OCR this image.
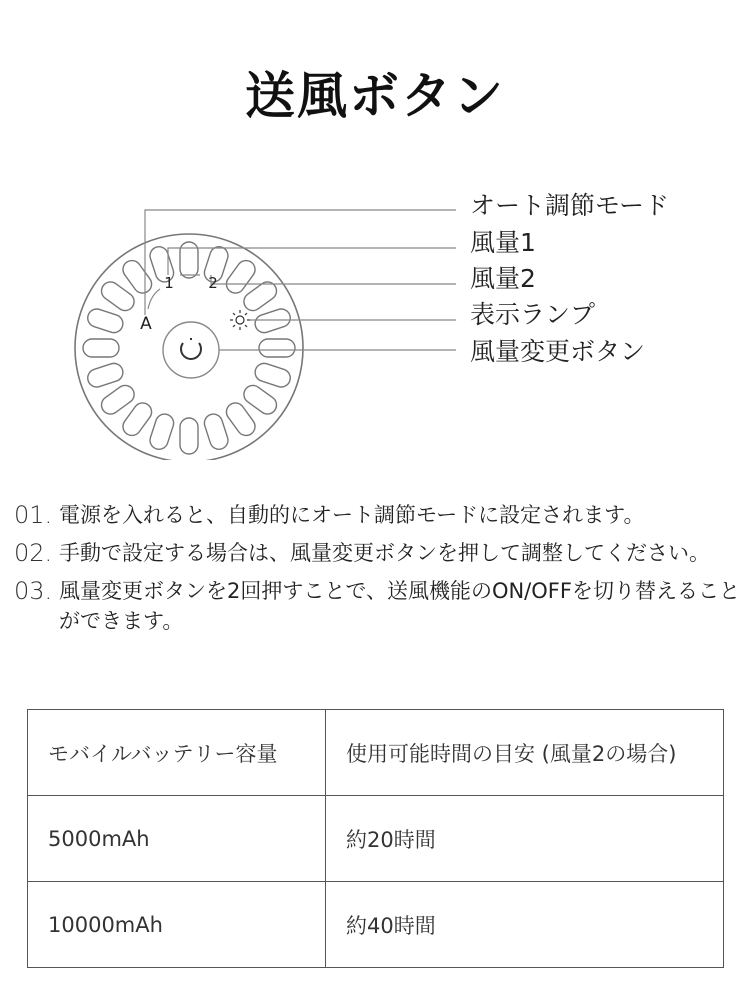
送風ボタン
A
1 2
オート調節モード
風量1
風量2
表示ランプ
風量変更ボタン
01. 電源を入れると、自動的にオート調節モードに設定されます。
02. 手動で設定する場合は、風量変更ボタンを押して調整してください。
03. 風量変更ボタンを2回押すことで、送風機能のON/OFFを切り替えることができます。
モバイルバッテリー容量	使用可能時間の目安 (風量2の場合)
5000mAh	約20時間
10000mAh	約40時間
